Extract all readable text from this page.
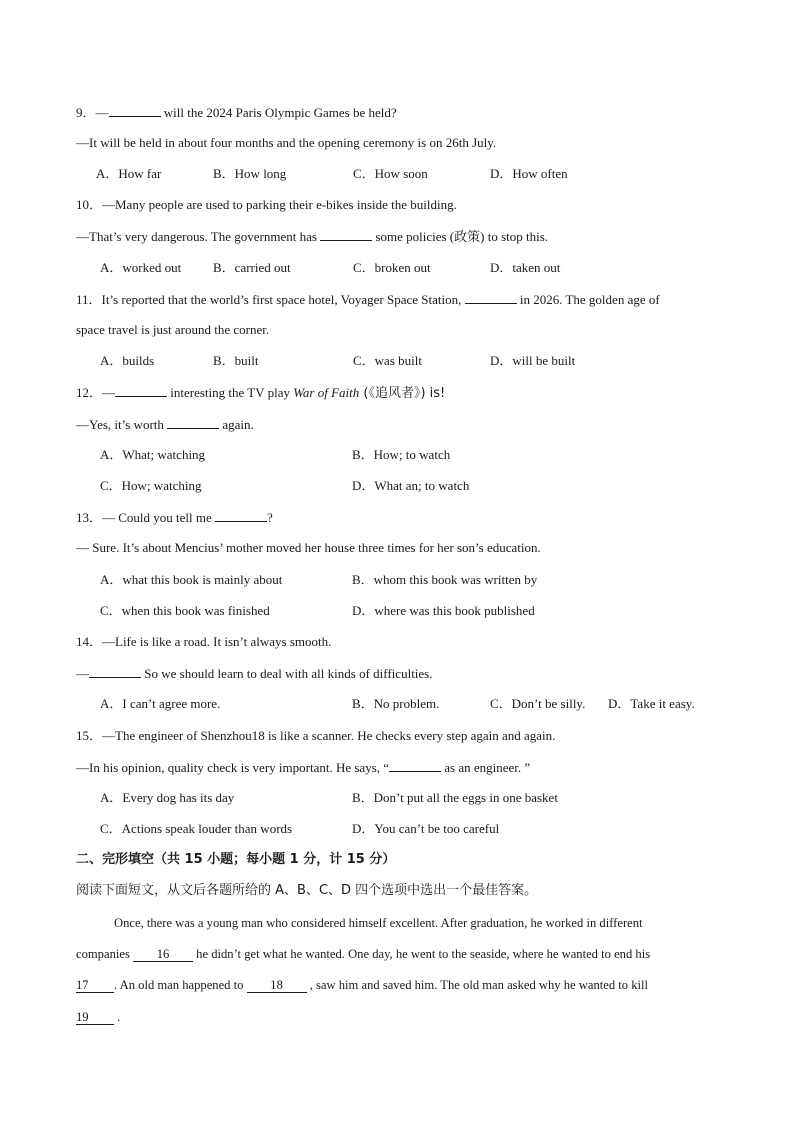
9．—	will the 2024 Paris Olympic Games be held?
—It will be held in about four months and the opening ceremony is on 26th July.
A．How far	B．How long	C．How soon	D．How often
10．—Many people are used to parking their e-bikes inside the building.
—That’s very dangerous. The government has	some policies (政策) to stop this.
A．worked out B．carried out	C．broken out	D．taken out
11．It’s reported that the world’s first space hotel, Voyager Space Station,	in 2026. The golden age of
space travel is just around the corner.
A．builds	B．built	C．was built	D．will be built
12．—	interesting the TV play War of Faith (《追风者》) is!
—Yes, it’s worth	again.
A．What; watching	B．How; to watch
C．How; watching	D．What an; to watch
13．— Could you tell me	?
— Sure. It’s about Mencius’ mother moved her house three times for her son’s education.
A．what this book is mainly about	B．whom this book was written by
C．when this book was finished	D．where was this book published
14．—Life is like a road. It isn’t always smooth.
—	So we should learn to deal with all kinds of difficulties.
A．I can’t agree more.	B．No problem.	C．Don’t be silly. D．Take it easy.
15．—The engineer of Shenzhou18 is like a scanner. He checks every step again and again.
—In his opinion, quality check is very important. He says, “	as an engineer. ”
A．Every dog has its day	B．Don’t put all the eggs in one basket
C．Actions speak louder than words	D．You can’t be too careful
二、完形填空（共 15 小题；每小题 1 分，计 15 分）
阅读下面短文，从文后各题所给的 A、B、C、D 四个选项中选出一个最佳答案。
Once, there was a young man who considered himself excellent. After graduation, he worked in different
companies 16 he didn’t get what he wanted. One day, he went to the seaside, where he wanted to end his
17 . An old man happened to 18 , saw him and saved him. The old man asked why he wanted to kill
19 .
